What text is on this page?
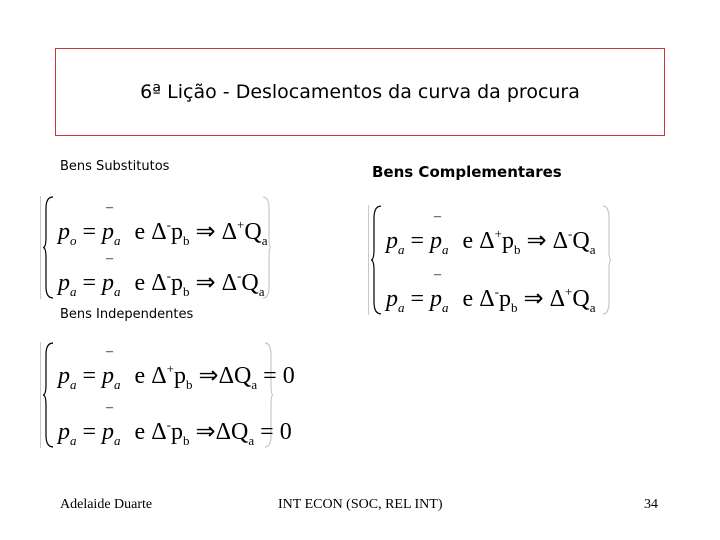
6ª Lição - Deslocamentos da curva da procura
Bens Substitutos	Bens Complementares
Bens Independentes
$p_o$ =
–
$p_a$ e $\Delta^-p_b$ ⇒ $\Delta^+Q_a$
$p_a$ =
–
$p_a$ e $\Delta^-p_b$ ⇒ $\Delta^-Q_a$
$p_a$ =
–
$p_a$ e $\Delta^+p_b$ ⇒ $\Delta^-Q_a$
$p_a$ =
–
$p_a$ e $\Delta^-p_b$ ⇒ $\Delta^+Q_a$
$p_a$ =
–
$p_a$ e $\Delta^+p_b$ $\Rightarrow\Delta Q_a = 0$
$p_a$ =
–
$p_a$ e $\Delta^-p_b$ $\Rightarrow\Delta Q_a = 0$
Adelaide Duarte	INT ECON (SOC, REL INT)	34
